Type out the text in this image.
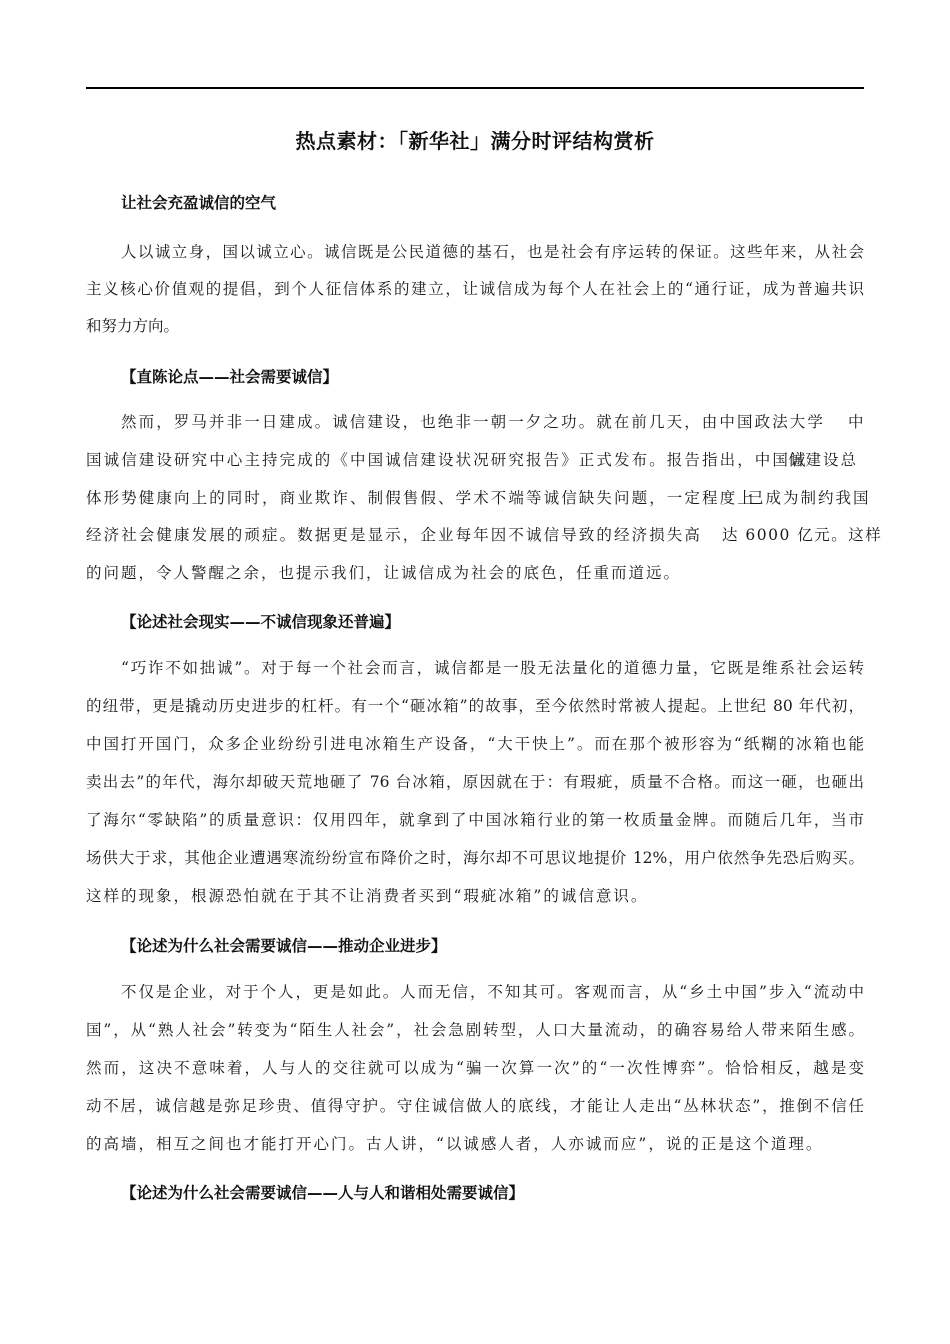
热点素材：「新华社」满分时评结构赏析
让社会充盈诚信的空气
人以诚立身，国以诚立心。诚信既是公民道德的基石，也是社会有序运转的保证。这些年来，从社会
主义核心价值观的提倡，到个人征信体系的建立，让诚信成为每个人在社会上的“通行证，成为普遍共识
和努力方向。
【直陈论点——社会需要诚信】
然而，罗马并非一日建成。诚信建设，也绝非一朝一夕之功。就在前几天，由中国政法大学 中
国诚信建设研究中心主持完成的《中国诚信建设状况研究报告》正式发布。报告指出，中国诚
信建设总
体形势健康向上的同时，商业欺诈、制假售假、学术不端等诚信缺失问题，一定程度上
已成为制约我国
经济社会健康发展的顽症。数据更是显示，企业每年因不诚信导致的经济损失高 达 6000 亿元。这样
的问题，令人警醒之余，也提示我们，让诚信成为社会的底色，任重而道远。
【论述社会现实——不诚信现象还普遍】
“巧诈不如拙诚”。对于每一个社会而言，诚信都是一股无法量化的道德力量，它既是维系社会运转
的纽带，更是撬动历史进步的杠杆。有一个“砸冰箱”的故事，至今依然时常被人提起。上世纪 80 年代初，
中国打开国门，众多企业纷纷引进电冰箱生产设备，“大干快上”。而在那个被形容为“纸糊的冰箱也能
卖出去”的年代，海尔却破天荒地砸了 76 台冰箱，原因就在于：有瑕疵，质量不合格。而这一砸，也砸出
了海尔“零缺陷”的质量意识：仅用四年，就拿到了中国冰箱行业的第一枚质量金牌。而随后几年，当市
场供大于求，其他企业遭遇寒流纷纷宣布降价之时，海尔却不可思议地提价 12%，用户依然争先恐后购买。
这样的现象，根源恐怕就在于其不让消费者买到“瑕疵冰箱”的诚信意识。
【论述为什么社会需要诚信——推动企业进步】
不仅是企业，对于个人，更是如此。人而无信，不知其可。客观而言，从“乡土中国”步入“流动中
国”，从“熟人社会”转变为“陌生人社会”，社会急剧转型，人口大量流动，的确容易给人带来陌生感。
然而，这决不意味着，人与人的交往就可以成为“骗一次算一次”的“一次性博弈”。恰恰相反，越是变
动不居，诚信越是弥足珍贵、值得守护。守住诚信做人的底线，才能让人走出“丛林状态”，推倒不信任
的高墙，相互之间也才能打开心门。古人讲，“以诚感人者，人亦诚而应”，说的正是这个道理。
【论述为什么社会需要诚信——人与人和谐相处需要诚信】
